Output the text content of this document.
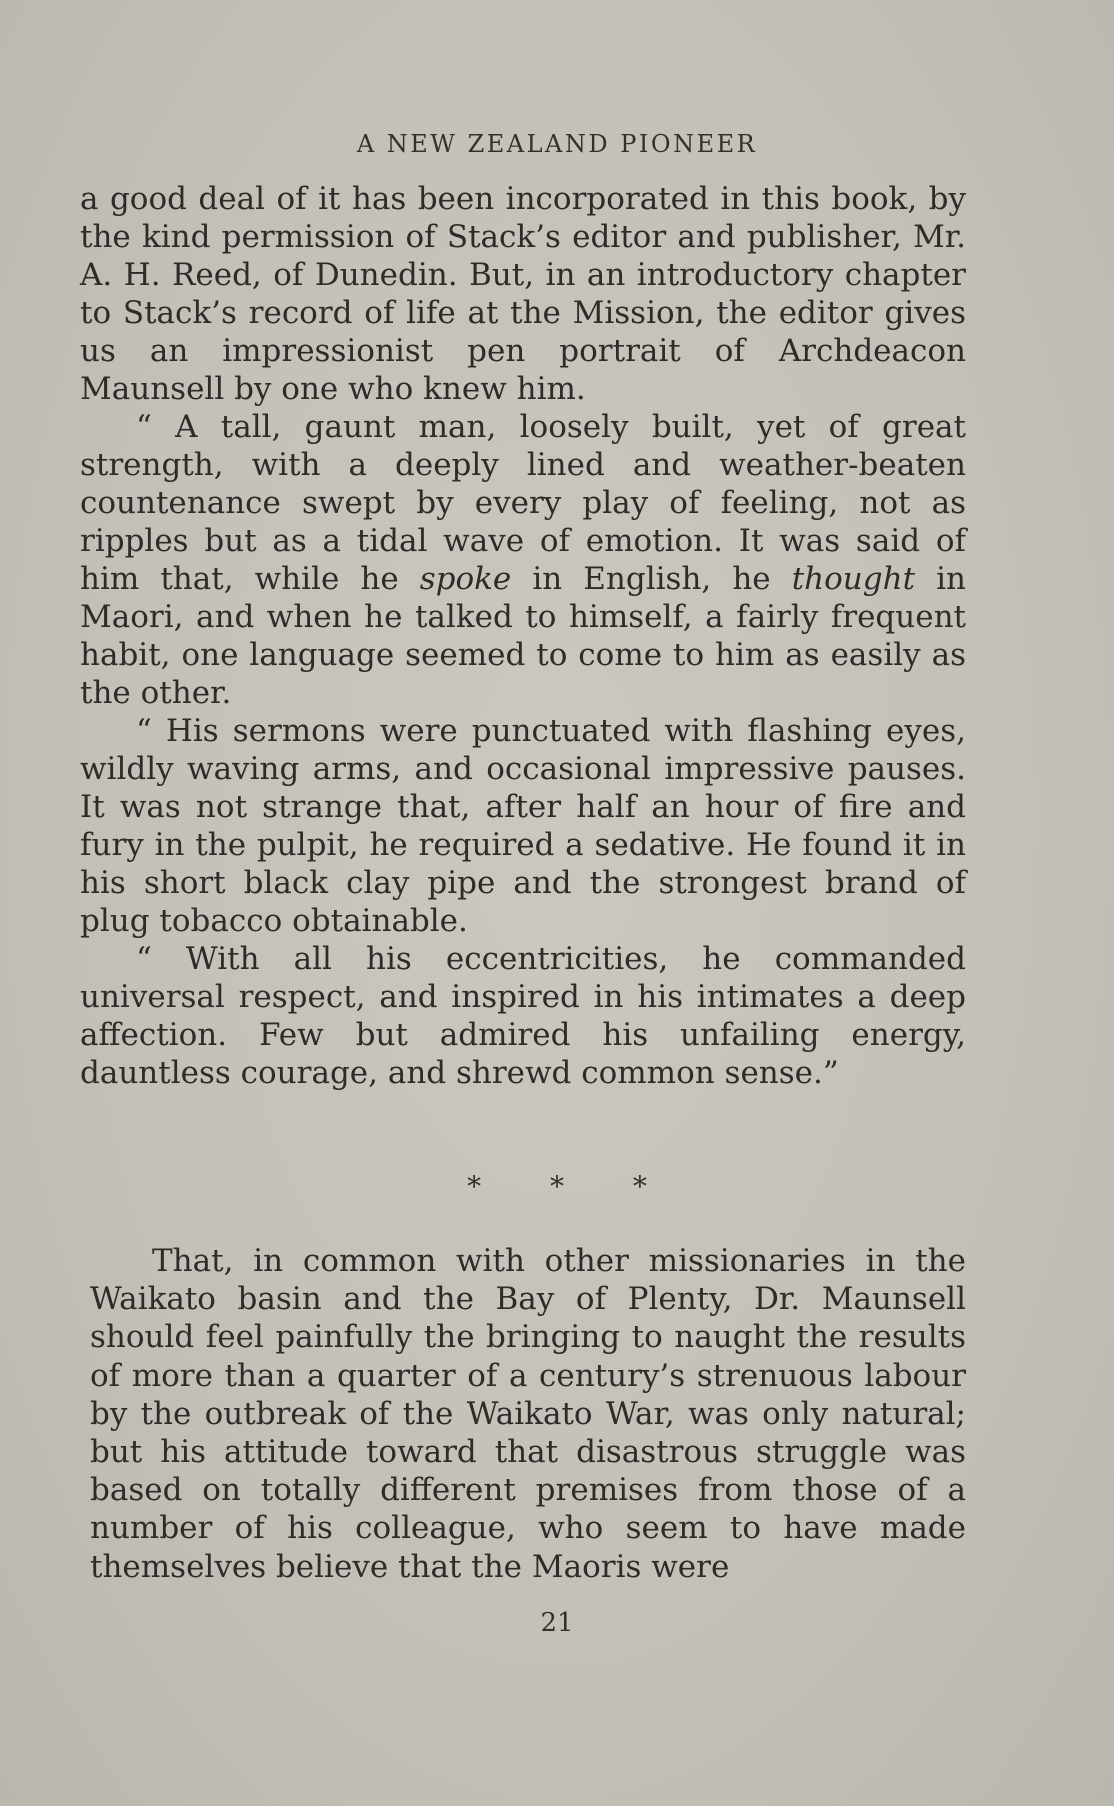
A NEW ZEALAND PIONEER

a good deal of it has been incorporated in this book, by the kind permission of Stack’s editor and publisher, Mr. A. H. Reed, of Dunedin. But, in an introductory chapter to Stack’s record of life at the Mission, the editor gives us an impressionist pen portrait of Archdeacon Maunsell by one who knew him.

“ A tall, gaunt man, loosely built, yet of great strength, with a deeply lined and weather-beaten countenance swept by every play of feeling, not as ripples but as a tidal wave of emotion. It was said of him that, while he spoke in English, he thought in Maori, and when he talked to himself, a fairly frequent habit, one language seemed to come to him as easily as the other.

“ His sermons were punctuated with flashing eyes, wildly waving arms, and occasional impressive pauses. It was not strange that, after half an hour of fire and fury in the pulpit, he required a sedative. He found it in his short black clay pipe and the strongest brand of plug tobacco obtainable.

“ With all his eccentricities, he commanded universal respect, and inspired in his intimates a deep affection. Few but admired his unfailing energy, dauntless courage, and shrewd common sense.”

* * *

That, in common with other missionaries in the Waikato basin and the Bay of Plenty, Dr. Maunsell should feel painfully the bringing to naught the results of more than a quarter of a century’s strenuous labour by the outbreak of the Waikato War, was only natural; but his attitude toward that disastrous struggle was based on totally different premises from those of a number of his colleague, who seem to have made themselves believe that the Maoris were

21
